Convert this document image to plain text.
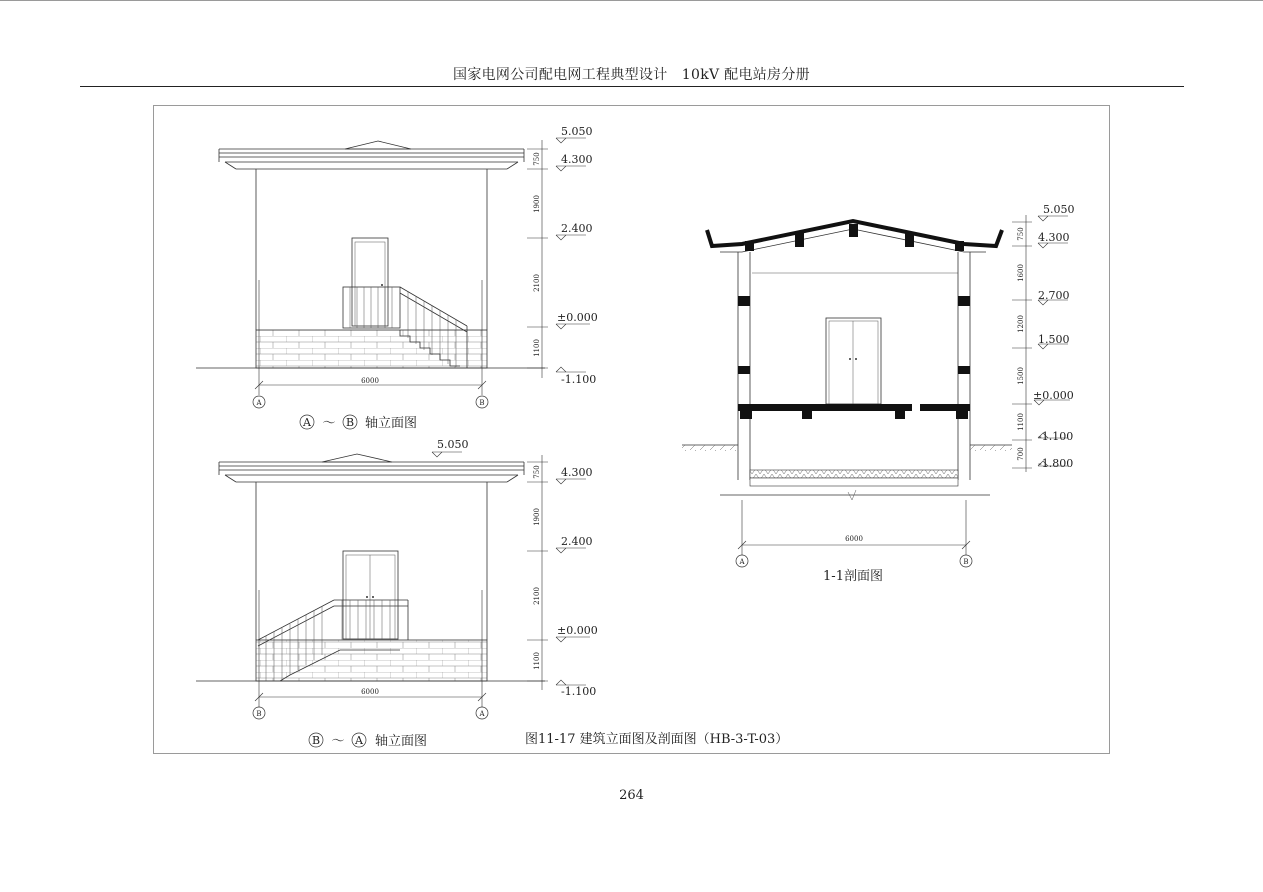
国家电网公司配电网工程典型设计   10kV 配电站房分册
6000
A	B
750
1900
2100
1100
5.050
4.300
2.400
±0.000
-1.100
A ～ B 轴立面图
6000
B	A
750
1900
2100
1100
5.050
4.300
2.400
±0.000
-1.100
B ～ A 轴立面图
6000
A	B
1-1剖面图
750
1600
1200
1500
1100
700
5.050
4.300
2.700
1.500
±0.000
-1.100
-1.800
图11-17 建筑立面图及剖面图（HB-3-T-03）
264
